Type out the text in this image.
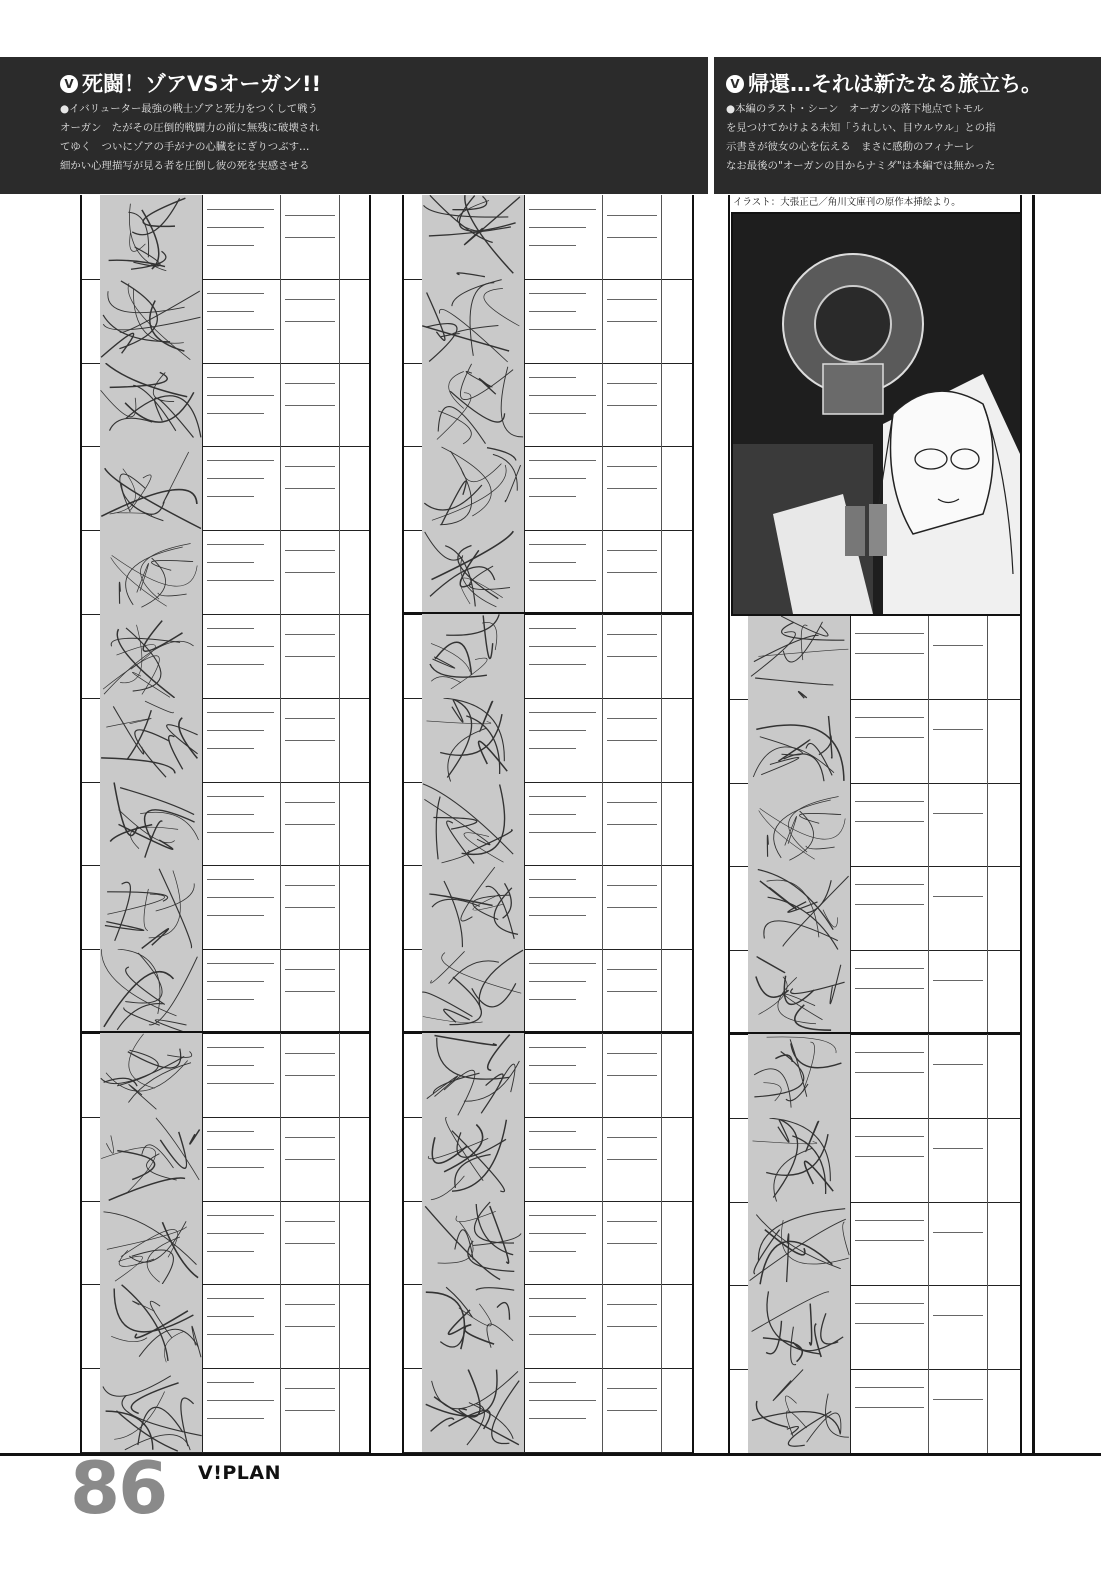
V 死闘！ゾアVSオーガン!!
●イバリューター最強の戦士ゾアと死力をつくして戦う
オーガン　たがその圧倒的戦闘力の前に無残に破壊され
てゆく　ついにゾアの手がナの心臓をにぎりつぶす…
細かい心理描写が見る者を圧倒し彼の死を実感させる
V 帰還…それは新たなる旅立ち。
●本編のラスト・シーン　オーガンの落下地点でトモル
を見つけてかけよる未知「うれしい、目ウルウル」との指
示書きが彼女の心を伝える　まさに感動のフィナーレ
なお最後の"オーガンの目からナミダ"は本編では無かった
イラスト：大張正己／角川文庫刊の原作本挿絵より。
86 V!PLAN
